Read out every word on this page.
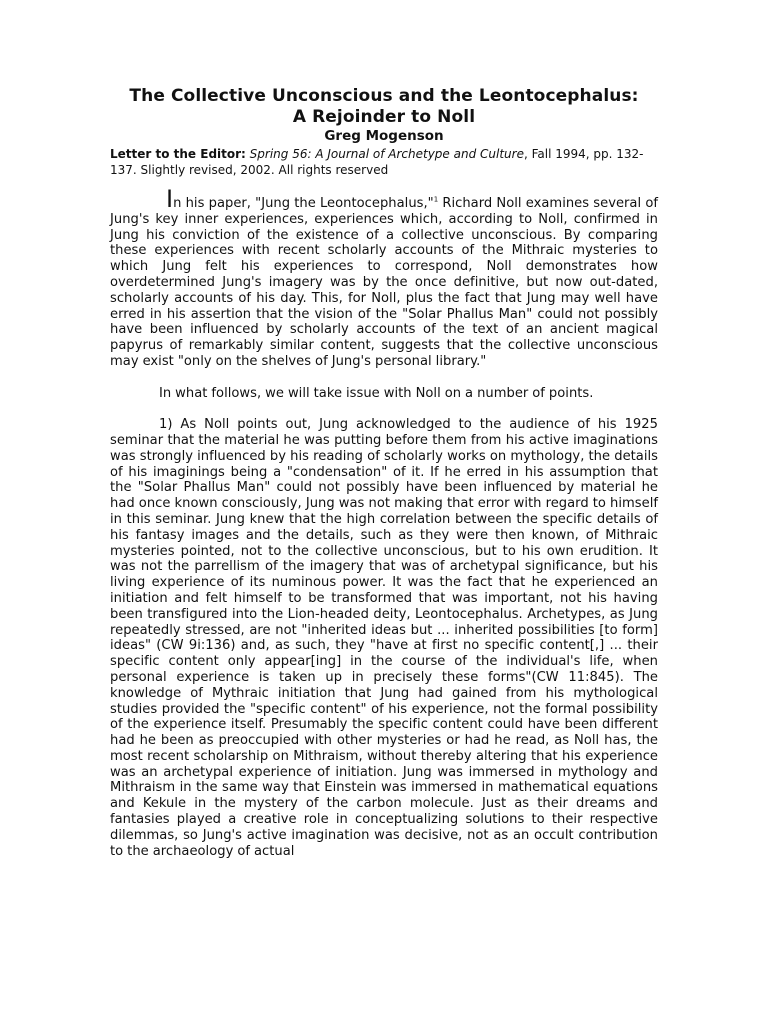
The Collective Unconscious and the Leontocephalus:
A Rejoinder to Noll
Greg Mogenson
Letter to the Editor: Spring 56: A Journal of Archetype and Culture, Fall 1994, pp. 132-137. Slightly revised, 2002. All rights reserved

In his paper, "Jung the Leontocephalus,"$^1$ Richard Noll examines several of Jung's key inner experiences, experiences which, according to Noll, confirmed in Jung his conviction of the existence of a collective unconscious. By comparing these experiences with recent scholarly accounts of the Mithraic mysteries to which Jung felt his experiences to correspond, Noll demonstrates how overdetermined Jung's imagery was by the once definitive, but now out-dated, scholarly accounts of his day. This, for Noll, plus the fact that Jung may well have erred in his assertion that the vision of the "Solar Phallus Man" could not possibly have been influenced by scholarly accounts of the text of an ancient magical papyrus of remarkably similar content, suggests that the collective unconscious may exist "only on the shelves of Jung's personal library."

In what follows, we will take issue with Noll on a number of points.

1) As Noll points out, Jung acknowledged to the audience of his 1925 seminar that the material he was putting before them from his active imaginations was strongly influenced by his reading of scholarly works on mythology, the details of his imaginings being a "condensation" of it. If he erred in his assumption that the "Solar Phallus Man" could not possibly have been influenced by material he had once known consciously, Jung was not making that error with regard to himself in this seminar. Jung knew that the high correlation between the specific details of his fantasy images and the details, such as they were then known, of Mithraic mysteries pointed, not to the collective unconscious, but to his own erudition. It was not the parrellism of the imagery that was of archetypal significance, but his living experience of its numinous power. It was the fact that he experienced an initiation and felt himself to be transformed that was important, not his having been transfigured into the Lion-headed deity, Leontocephalus. Archetypes, as Jung repeatedly stressed, are not "inherited ideas but ... inherited possibilities [to form] ideas" (CW 9i:136) and, as such, they "have at first no specific content[,] ... their specific content only appear[ing] in the course of the individual's life, when personal experience is taken up in precisely these forms"(CW 11:845). The knowledge of Mythraic initiation that Jung had gained from his mythological studies provided the "specific content" of his experience, not the formal possibility of the experience itself. Presumably the specific content could have been different had he been as preoccupied with other mysteries or had he read, as Noll has, the most recent scholarship on Mithraism, without thereby altering that his experience was an archetypal experience of initiation. Jung was immersed in mythology and Mithraism in the same way that Einstein was immersed in mathematical equations and Kekule in the mystery of the carbon molecule. Just as their dreams and fantasies played a creative role in conceptualizing solutions to their respective dilemmas, so Jung's active imagination was decisive, not as an occult contribution to the archaeology of actual
